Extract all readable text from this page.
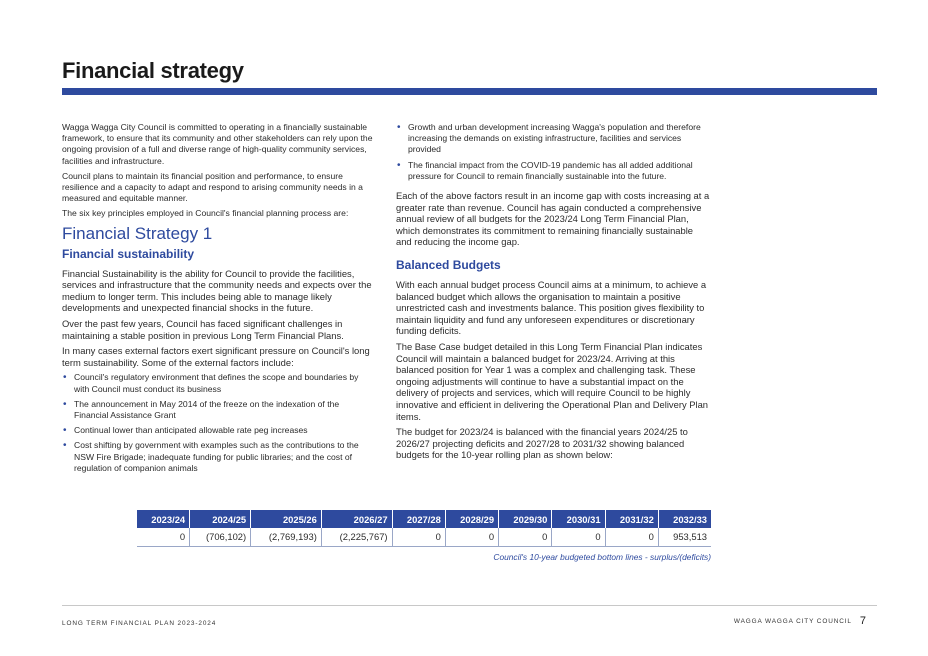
Financial strategy

Wagga Wagga City Council is committed to operating in a financially sustainable framework, to ensure that its community and other stakeholders can rely upon the ongoing provision of a full and diverse range of high-quality community services, facilities and infrastructure.

Council plans to maintain its financial position and performance, to ensure resilience and a capacity to adapt and respond to arising community needs in a measured and equitable manner.

The six key principles employed in Council's financial planning process are:

Financial Strategy 1
Financial sustainability

Financial Sustainability is the ability for Council to provide the facilities, services and infrastructure that the community needs and expects over the medium to longer term. This includes being able to manage likely developments and unexpected financial shocks in the future.

Over the past few years, Council has faced significant challenges in maintaining a stable position in previous Long Term Financial Plans.

In many cases external factors exert significant pressure on Council's long term sustainability. Some of the external factors include:

• Council's regulatory environment that defines the scope and boundaries by with Council must conduct its business
• The announcement in May 2014 of the freeze on the indexation of the Financial Assistance Grant
• Continual lower than anticipated allowable rate peg increases
• Cost shifting by government with examples such as the contributions to the NSW Fire Brigade; inadequate funding for public libraries; and the cost of regulation of companion animals
• Growth and urban development increasing Wagga's population and therefore increasing the demands on existing infrastructure, facilities and services provided
• The financial impact from the COVID-19 pandemic has all added additional pressure for Council to remain financially sustainable into the future.

Each of the above factors result in an income gap with costs increasing at a greater rate than revenue. Council has again conducted a comprehensive annual review of all budgets for the 2023/24 Long Term Financial Plan, which demonstrates its commitment to remaining financially sustainable and reducing the income gap.

Balanced Budgets

With each annual budget process Council aims at a minimum, to achieve a balanced budget which allows the organisation to maintain a positive unrestricted cash and investments balance. This position gives flexibility to maintain liquidity and fund any unforeseen expenditures or discretionary funding deficits.

The Base Case budget detailed in this Long Term Financial Plan indicates Council will maintain a balanced budget for 2023/24. Arriving at this balanced position for Year 1 was a complex and challenging task. These ongoing adjustments will continue to have a substantial impact on the delivery of projects and services, which will require Council to be highly innovative and efficient in delivering the Operational Plan and Delivery Plan items.

The budget for 2023/24 is balanced with the financial years 2024/25 to 2026/27 projecting deficits and 2027/28 to 2031/32 showing balanced budgets for the 10-year rolling plan as shown below:

2023/24	2024/25	2025/26	2026/27	2027/28	2028/29	2029/30	2030/31	2031/32	2032/33
0	(706,102)	(2,769,193)	(2,225,767)	0	0	0	0	0	953,513
Council's 10-year budgeted bottom lines - surplus/(deficits)
LONG TERM FINANCIAL PLAN 2023-2024	WAGGA WAGGA CITY COUNCIL 7
